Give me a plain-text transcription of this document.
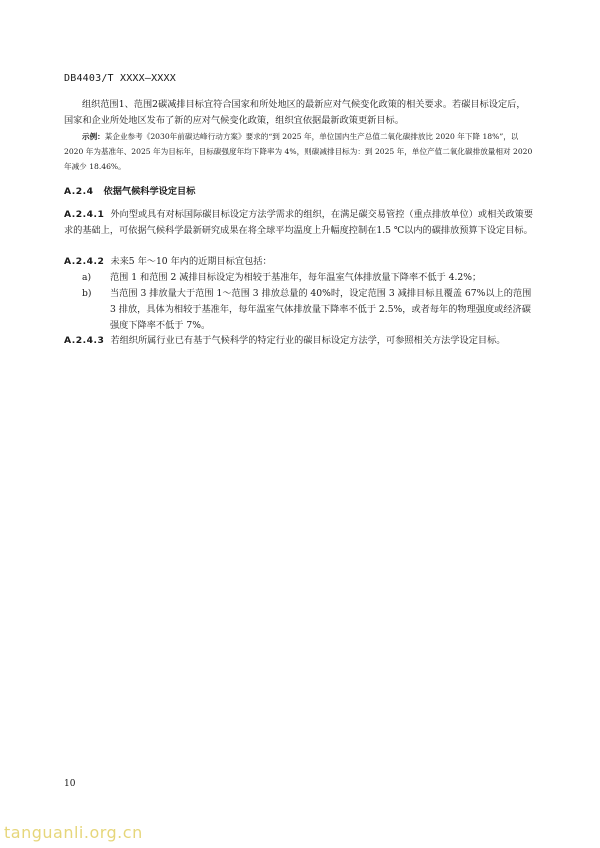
DB4403/T XXXX—XXXX
组织范围1、范围2碳减排目标宜符合国家和所处地区的最新应对气候变化政策的相关要求。若碳目标设定后，国家和企业所处地区发布了新的应对气候变化政策，组织宜依据最新政策更新目标。
示例：某企业参考《2030年前碳达峰行动方案》要求的“到 2025 年，单位国内生产总值二氧化碳排放比 2020 年下降 18%”，以 2020 年为基准年、2025 年为目标年，目标碳强度年均下降率为 4%，则碳减排目标为：到 2025 年，单位产值二氧化碳排放量相对 2020 年减少 18.46%。
A.2.4 依据气候科学设定目标
A.2.4.1 外向型或具有对标国际碳目标设定方法学需求的组织，在满足碳交易管控（重点排放单位）或相关政策要求的基础上，可依据气候科学最新研究成果在将全球平均温度上升幅度控制在1.5 ℃以内的碳排放预算下设定目标。
A.2.4.2 未来5 年～10 年内的近期目标宜包括：
a)	范围 1 和范围 2 减排目标设定为相较于基准年，每年温室气体排放量下降率不低于 4.2%；
b)	当范围 3 排放量大于范围 1～范围 3 排放总量的 40%时，设定范围 3 减排目标且覆盖 67%以上的范围 3 排放，具体为相较于基准年，每年温室气体排放量下降率不低于 2.5%，或者每年的物理强度或经济碳强度下降率不低于 7%。
A.2.4.3 若组织所属行业已有基于气候科学的特定行业的碳目标设定方法学，可参照相关方法学设定目标。
10
tanguanli.org.cn
